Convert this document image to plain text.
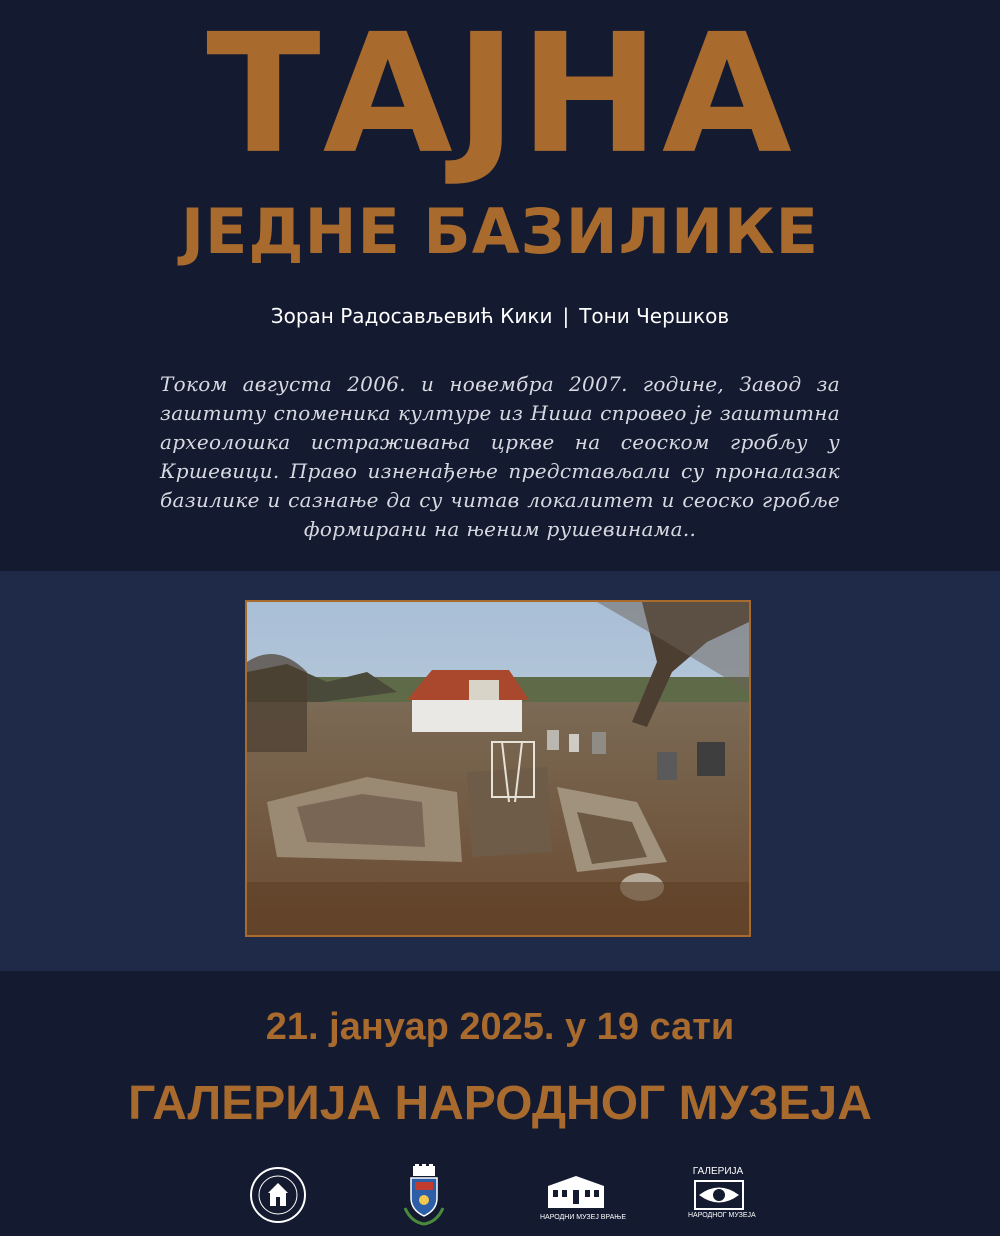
ТАЈНА
ЈЕДНЕ БАЗИЛИКЕ
Зоран Радосављевић Кики | Тони Чершков
Током августа 2006. и новембра 2007. године, Завод за заштиту споменика културе из Ниша спровео је заштитна археолошка истраживања цркве на сеоском гробљу у Кршевици. Право изненађење представљали су проналазак базилике и сазнање да су читав локалитет и сеоско гробље формирани на њеним рушевинама..
21. јануар 2025. у 19 сати
ГАЛЕРИЈА НАРОДНОГ МУЗЕЈА
НАРОДНИ МУЗЕЈ ВРАЊЕ
ГАЛЕРИЈА
НАРОДНОГ МУЗЕЈА
